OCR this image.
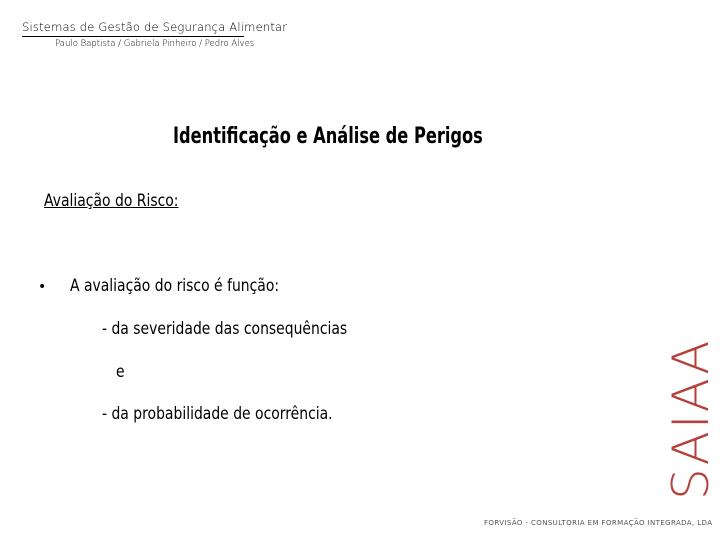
Sistemas de Gestão de Segurança Alimentar
Paulo Baptista / Gabriela Pinheiro / Pedro Alves
Identificação e Análise de Perigos
Avaliação do Risco:
• A avaliação do risco é função:
- da severidade das consequências
e
- da probabilidade de ocorrência.	SAIAA
FORVISÃO - CONSULTORIA EM FORMAÇÃO INTEGRADA, LDA
